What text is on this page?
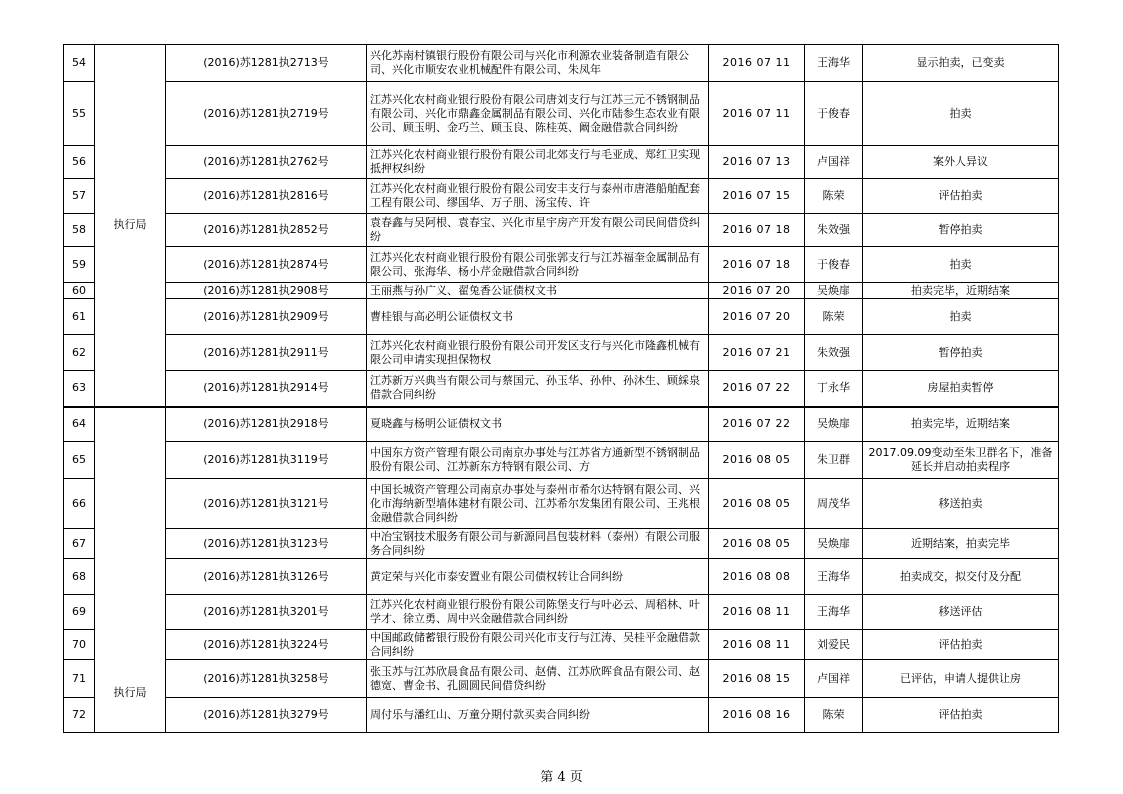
54	执行局	(2016)苏1281执2713号	兴化苏南村镇银行股份有限公司与兴化市利源农业装备制造有限公司、兴化市顺安农业机械配件有限公司、朱凤年	2016 07 11	王海华	显示拍卖，已变卖
55		(2016)苏1281执2719号	江苏兴化农村商业银行股份有限公司唐刘支行与江苏三元不锈钢制品有限公司、兴化市鼎鑫金属制品有限公司、兴化市陆参生态农业有限公司、顾玉明、金巧兰、顾玉良、陈桂英、阚金融借款合同纠纷	2016 07 11	于俊春	拍卖
56		(2016)苏1281执2762号	江苏兴化农村商业银行股份有限公司北郊支行与毛亚成、郑红卫实现抵押权纠纷	2016 07 13	卢国祥	案外人异议
57		(2016)苏1281执2816号	江苏兴化农村商业银行股份有限公司安丰支行与泰州市唐港船舶配套工程有限公司、缪国华、万子朋、汤宝传、许	2016 07 15	陈荣	评估拍卖
58		(2016)苏1281执2852号	袁春鑫与吴阿根、袁春宝、兴化市星宇房产开发有限公司民间借贷纠纷	2016 07 18	朱效强	暂停拍卖
59		(2016)苏1281执2874号	江苏兴化农村商业银行股份有限公司张郭支行与江苏福奎金属制品有限公司、张海华、杨小芹金融借款合同纠纷	2016 07 18	于俊春	拍卖
60		(2016)苏1281执2908号	王丽燕与孙广义、翟兔香公证债权文书	2016 07 20	吴焕扉	拍卖完毕，近期结案
61		(2016)苏1281执2909号	曹桂银与高必明公证债权文书	2016 07 20	陈荣	拍卖
62		(2016)苏1281执2911号	江苏兴化农村商业银行股份有限公司开发区支行与兴化市隆鑫机械有限公司申请实现担保物权	2016 07 21	朱效强	暂停拍卖
63		(2016)苏1281执2914号	江苏新万兴典当有限公司与蔡国元、孙玉华、孙仲、孙沐生、顾綵泉借款合同纠纷	2016 07 22	丁永华	房屋拍卖暂停
64	执行局	(2016)苏1281执2918号	夏晓鑫与杨明公证债权文书	2016 07 22	吴焕扉	拍卖完毕，近期结案
65		(2016)苏1281执3119号	中国东方资产管理有限公司南京办事处与江苏省方通新型不锈钢制品股份有限公司、江苏新东方特钢有限公司、方	2016 08 05	朱卫群	2017.09.09变动至朱卫群名下，准备延长并启动拍卖程序
66		(2016)苏1281执3121号	中国长城资产管理公司南京办事处与泰州市希尔达特钢有限公司、兴化市海纳新型墙体建材有限公司、江苏希尔发集团有限公司、王兆根金融借款合同纠纷	2016 08 05	周茂华	移送拍卖
67		(2016)苏1281执3123号	中冶宝钢技术服务有限公司与新源同昌包装材料（泰州）有限公司服务合同纠纷	2016 08 05	吴焕扉	近期结案，拍卖完毕
68		(2016)苏1281执3126号	黄定荣与兴化市泰安置业有限公司债权转让合同纠纷	2016 08 08	王海华	拍卖成交，拟交付及分配
69		(2016)苏1281执3201号	江苏兴化农村商业银行股份有限公司陈堡支行与叶必云、周稻林、叶学才、徐立勇、周中兴金融借款合同纠纷	2016 08 11	王海华	移送评估
70		(2016)苏1281执3224号	中国邮政储蓄银行股份有限公司兴化市支行与江涛、吴桂平金融借款合同纠纷	2016 08 11	刘爱民	评估拍卖
71		(2016)苏1281执3258号	张玉苏与江苏欣晨食品有限公司、赵倩、江苏欣晖食品有限公司、赵德宽、曹金书、孔圆圆民间借贷纠纷	2016 08 15	卢国祥	已评估，申请人提供让房
72		(2016)苏1281执3279号	周付乐与潘红山、万童分期付款买卖合同纠纷	2016 08 16	陈荣	评估拍卖
第 4 页
